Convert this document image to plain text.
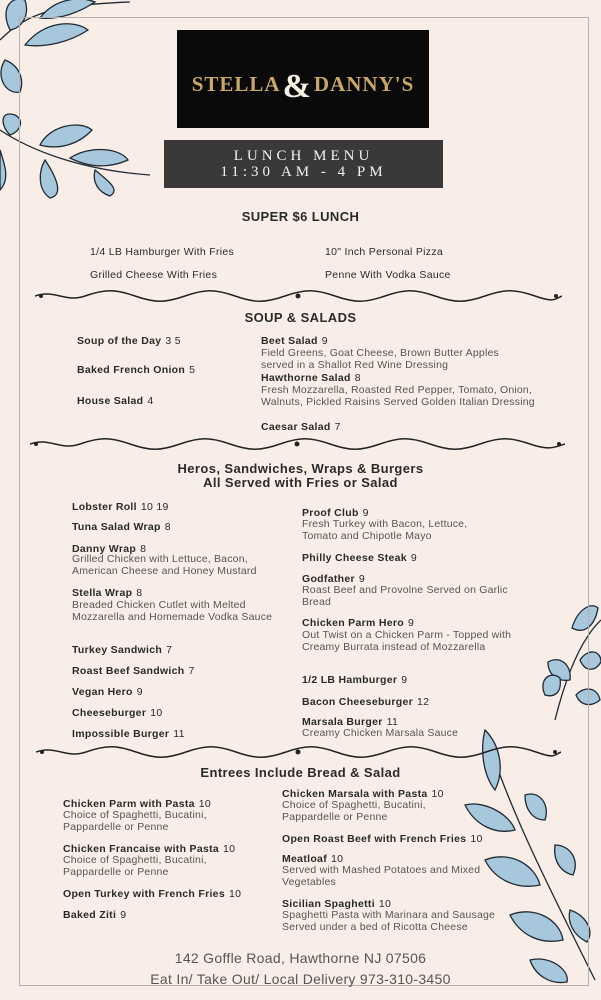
STELLA&DANNY'S
LUNCH MENU
11:30 AM - 4 PM
SUPER $6 LUNCH
1/4 LB Hamburger With Fries	10" Inch Personal Pizza
Grilled Cheese With Fries	Penne With Vodka Sauce
SOUP & SALADS
Soup of the Day 3 5
Baked French Onion 5
House Salad 4
Beet Salad 9
Field Greens, Goat Cheese, Brown Butter Apples served in a Shallot Red Wine Dressing
Hawthorne Salad 8
Fresh Mozzarella, Roasted Red Pepper, Tomato, Onion, Walnuts, Pickled Raisins Served Golden Italian Dressing
Caesar Salad 7
Heros, Sandwiches, Wraps & Burgers
All Served with Fries or Salad
Lobster Roll 10 19
Tuna Salad Wrap 8
Danny Wrap 8
Grilled Chicken with Lettuce, Bacon, American Cheese and Honey Mustard
Stella Wrap 8
Breaded Chicken Cutlet with Melted Mozzarella and Homemade Vodka Sauce
Turkey Sandwich 7
Roast Beef Sandwich 7
Vegan Hero 9
Cheeseburger 10
Impossible Burger 11
Proof Club 9
Fresh Turkey with Bacon, Lettuce, Tomato and Chipotle Mayo
Philly Cheese Steak 9
Godfather 9
Roast Beef and Provolne Served on Garlic Bread
Chicken Parm Hero 9
Out Twist on a Chicken Parm - Topped with Creamy Burrata instead of Mozzarella
1/2 LB Hamburger 9
Bacon Cheeseburger 12
Marsala Burger 11
Creamy Chicken Marsala Sauce
Entrees Include Bread & Salad
Chicken Parm with Pasta 10
Choice of Spaghetti, Bucatini, Pappardelle or Penne
Chicken Francaise with Pasta 10
Choice of Spaghetti, Bucatini, Pappardelle or Penne
Open Turkey with French Fries 10
Baked Ziti 9
Chicken Marsala with Pasta 10
Choice of Spaghetti, Bucatini, Pappardelle or Penne
Open Roast Beef with French Fries 10
Meatloaf 10
Served with Mashed Potatoes and Mixed Vegetables
Sicilian Spaghetti 10
Spaghetti Pasta with Marinara and Sausage Served under a bed of Ricotta Cheese
142 Goffle Road, Hawthorne NJ 07506
Eat In/ Take Out/ Local Delivery 973-310-3450
